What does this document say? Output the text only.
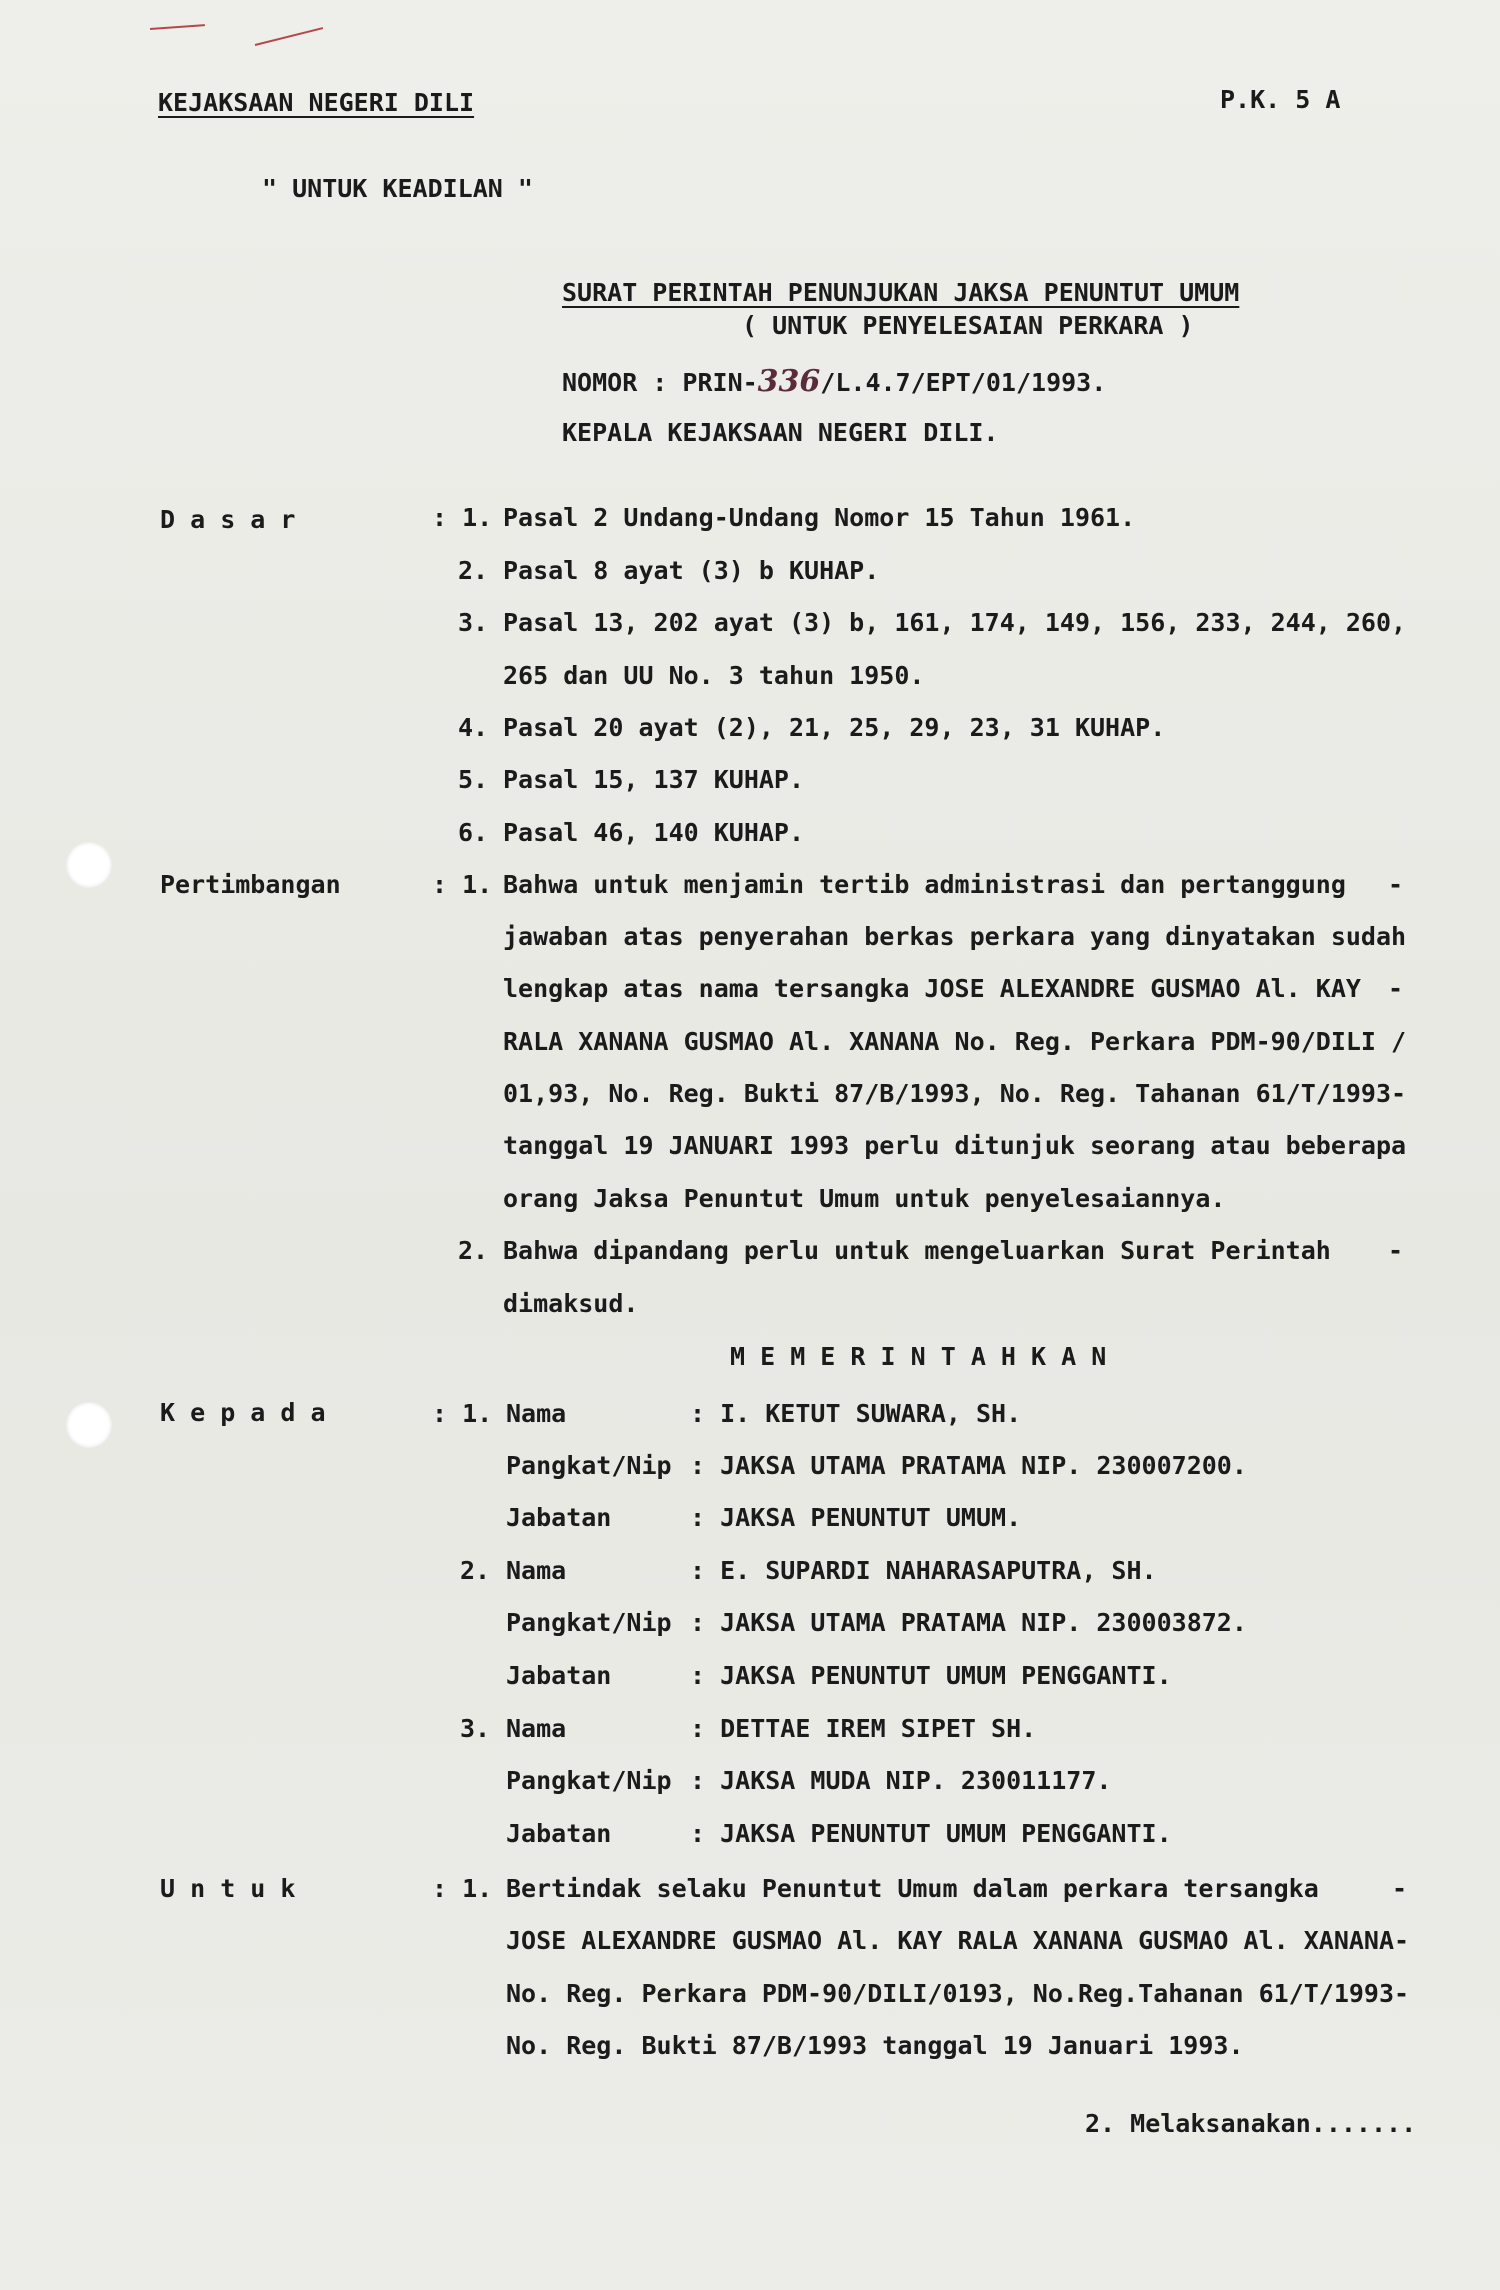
KEJAKSAAN NEGERI DILI	P.K. 5 A
" UNTUK KEADILAN "
SURAT PERINTAH PENUNJUKAN JAKSA PENUNTUT UMUM
( UNTUK PENYELESAIAN PERKARA )
NOMOR : PRIN-336/L.4.7/EPT/01/1993.
KEPALA KEJAKSAAN NEGERI DILI.
D a s a r	: 1. Pasal 2 Undang-Undang Nomor 15 Tahun 1961.
2. Pasal 8 ayat (3) b KUHAP.
3. Pasal 13, 202 ayat (3) b, 161, 174, 149, 156, 233, 244, 260,
265 dan UU No. 3 tahun 1950.
4. Pasal 20 ayat (2), 21, 25, 29, 23, 31 KUHAP.
5. Pasal 15, 137 KUHAP.
6. Pasal 46, 140 KUHAP.
Pertimbangan	: 1. Bahwa untuk menjamin tertib administrasi dan pertanggung -
jawaban atas penyerahan berkas perkara yang dinyatakan sudah
lengkap atas nama tersangka JOSE ALEXANDRE GUSMAO Al. KAY -
RALA XANANA GUSMAO Al. XANANA No. Reg. Perkara PDM-90/DILI /
01,93, No. Reg. Bukti 87/B/1993, No. Reg. Tahanan 61/T/1993-
tanggal 19 JANUARI 1993 perlu ditunjuk seorang atau beberapa
orang Jaksa Penuntut Umum untuk penyelesaiannya.
2. Bahwa dipandang perlu untuk mengeluarkan Surat Perintah -
dimaksud.
M E M E R I N T A H K A N
K e p a d a	: 1. Nama	: I. KETUT SUWARA, SH.
Pangkat/Nip : JAKSA UTAMA PRATAMA NIP. 230007200.
Jabatan	: JAKSA PENUNTUT UMUM.
2. Nama	: E. SUPARDI NAHARASAPUTRA, SH.
Pangkat/Nip : JAKSA UTAMA PRATAMA NIP. 230003872.
Jabatan	: JAKSA PENUNTUT UMUM PENGGANTI.
3. Nama	: DETTAE IREM SIPET SH.
Pangkat/Nip : JAKSA MUDA NIP. 230011177.
Jabatan	: JAKSA PENUNTUT UMUM PENGGANTI.
U n t u k	: 1. Bertindak selaku Penuntut Umum dalam perkara tersangka	-
JOSE ALEXANDRE GUSMAO Al. KAY RALA XANANA GUSMAO Al. XANANA-
No. Reg. Perkara PDM-90/DILI/0193, No.Reg.Tahanan 61/T/1993-
No. Reg. Bukti 87/B/1993 tanggal 19 Januari 1993.
2. Melaksanakan.......
